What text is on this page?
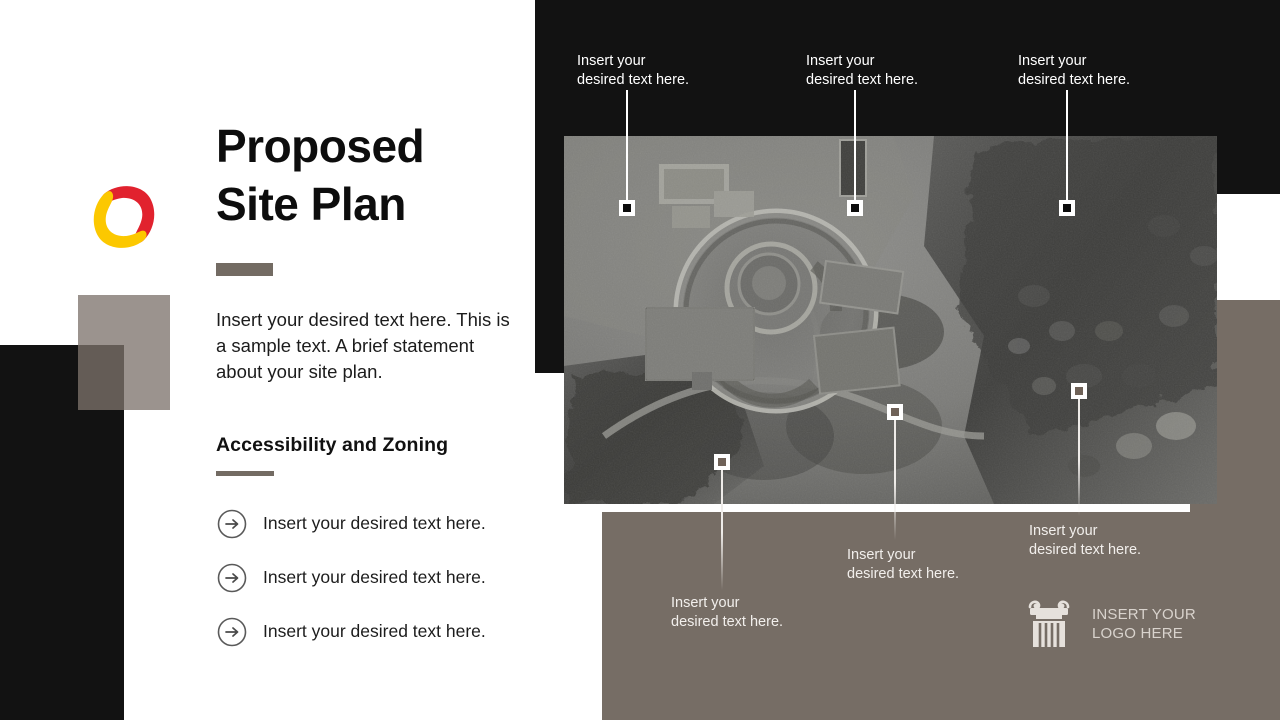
Proposed
Site Plan
Insert your desired text here. This is a sample text. A brief statement about your site plan.
Accessibility and Zoning
Insert your desired text here.
Insert your desired text here.
Insert your desired text here.
Insert your
desired text here.
Insert your
desired text here.
Insert your
desired text here.
Insert your
desired text here.
Insert your
desired text here.
Insert your
desired text here.
INSERT YOUR
LOGO HERE
